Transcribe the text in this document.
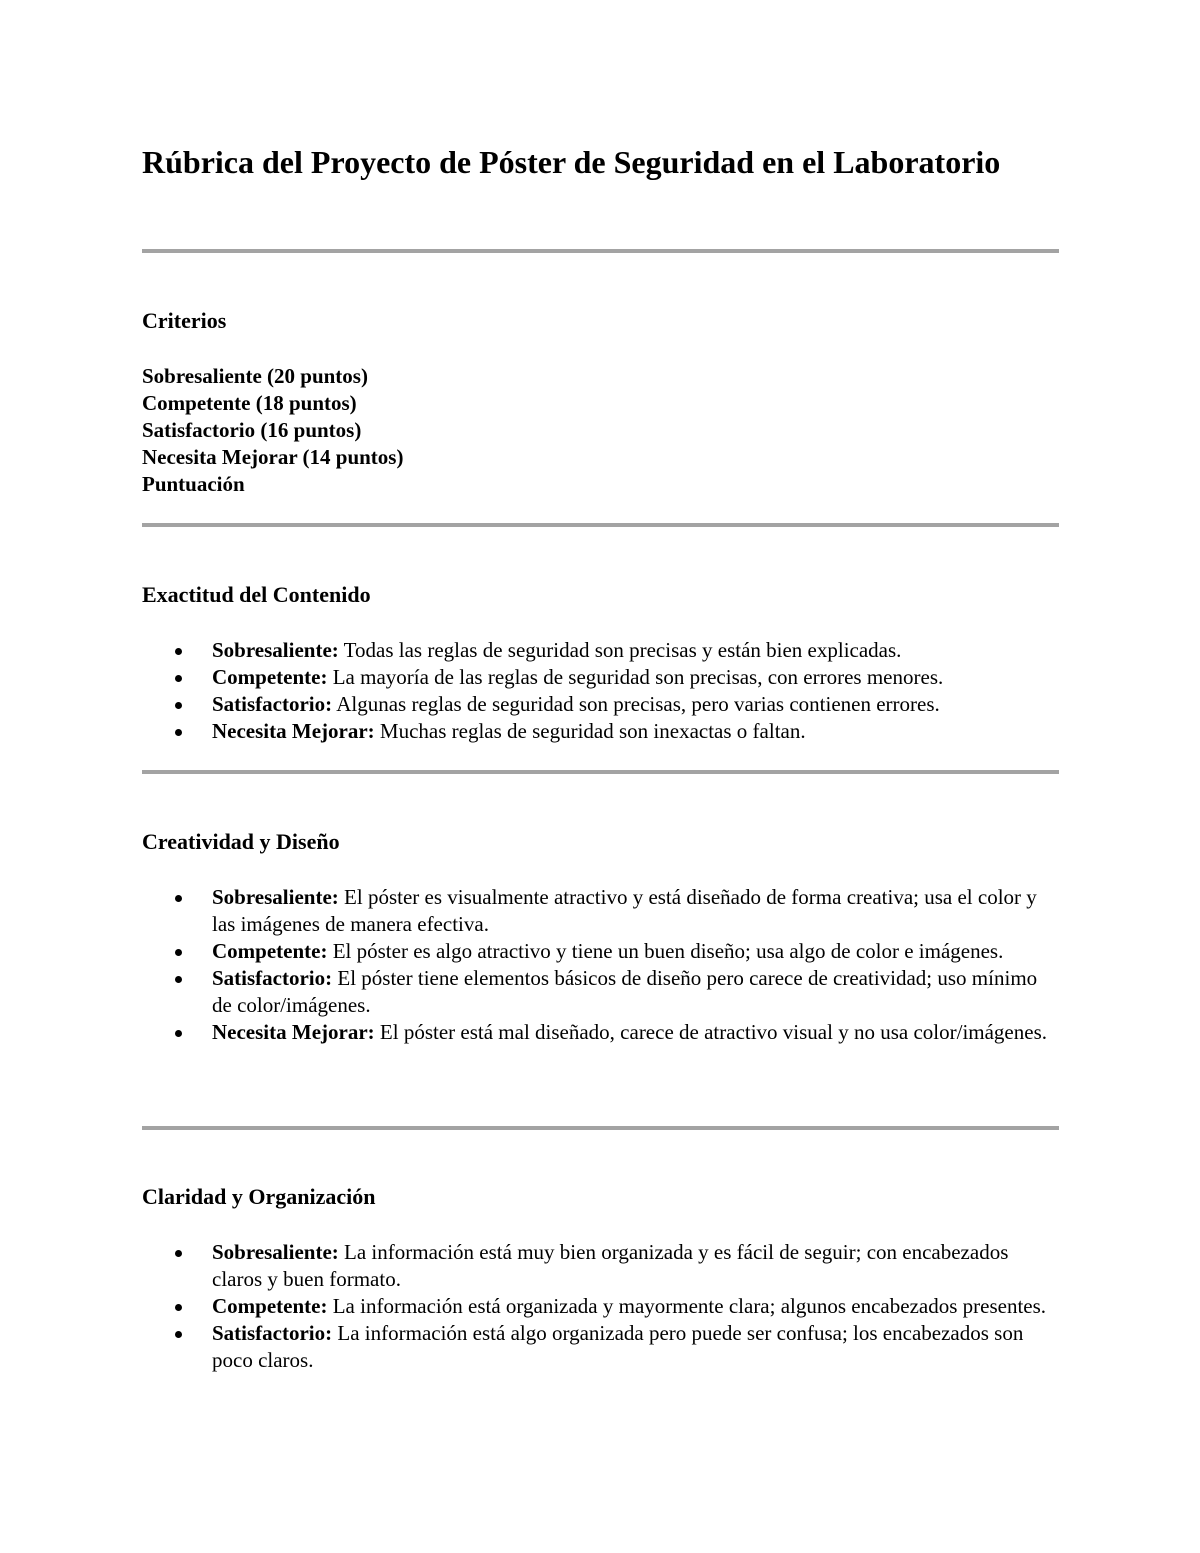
Rúbrica del Proyecto de Póster de Seguridad en el Laboratorio
Criterios
Sobresaliente (20 puntos)
Competente (18 puntos)
Satisfactorio (16 puntos)
Necesita Mejorar (14 puntos)
Puntuación
Exactitud del Contenido
Sobresaliente: Todas las reglas de seguridad son precisas y están bien explicadas.
Competente: La mayoría de las reglas de seguridad son precisas, con errores menores.
Satisfactorio: Algunas reglas de seguridad son precisas, pero varias contienen errores.
Necesita Mejorar: Muchas reglas de seguridad son inexactas o faltan.
Creatividad y Diseño
Sobresaliente: El póster es visualmente atractivo y está diseñado de forma creativa; usa el color y las imágenes de manera efectiva.
Competente: El póster es algo atractivo y tiene un buen diseño; usa algo de color e imágenes.
Satisfactorio: El póster tiene elementos básicos de diseño pero carece de creatividad; uso mínimo de color/imágenes.
Necesita Mejorar: El póster está mal diseñado, carece de atractivo visual y no usa color/imágenes.
Claridad y Organización
Sobresaliente: La información está muy bien organizada y es fácil de seguir; con encabezados claros y buen formato.
Competente: La información está organizada y mayormente clara; algunos encabezados presentes.
Satisfactorio: La información está algo organizada pero puede ser confusa; los encabezados son poco claros.
